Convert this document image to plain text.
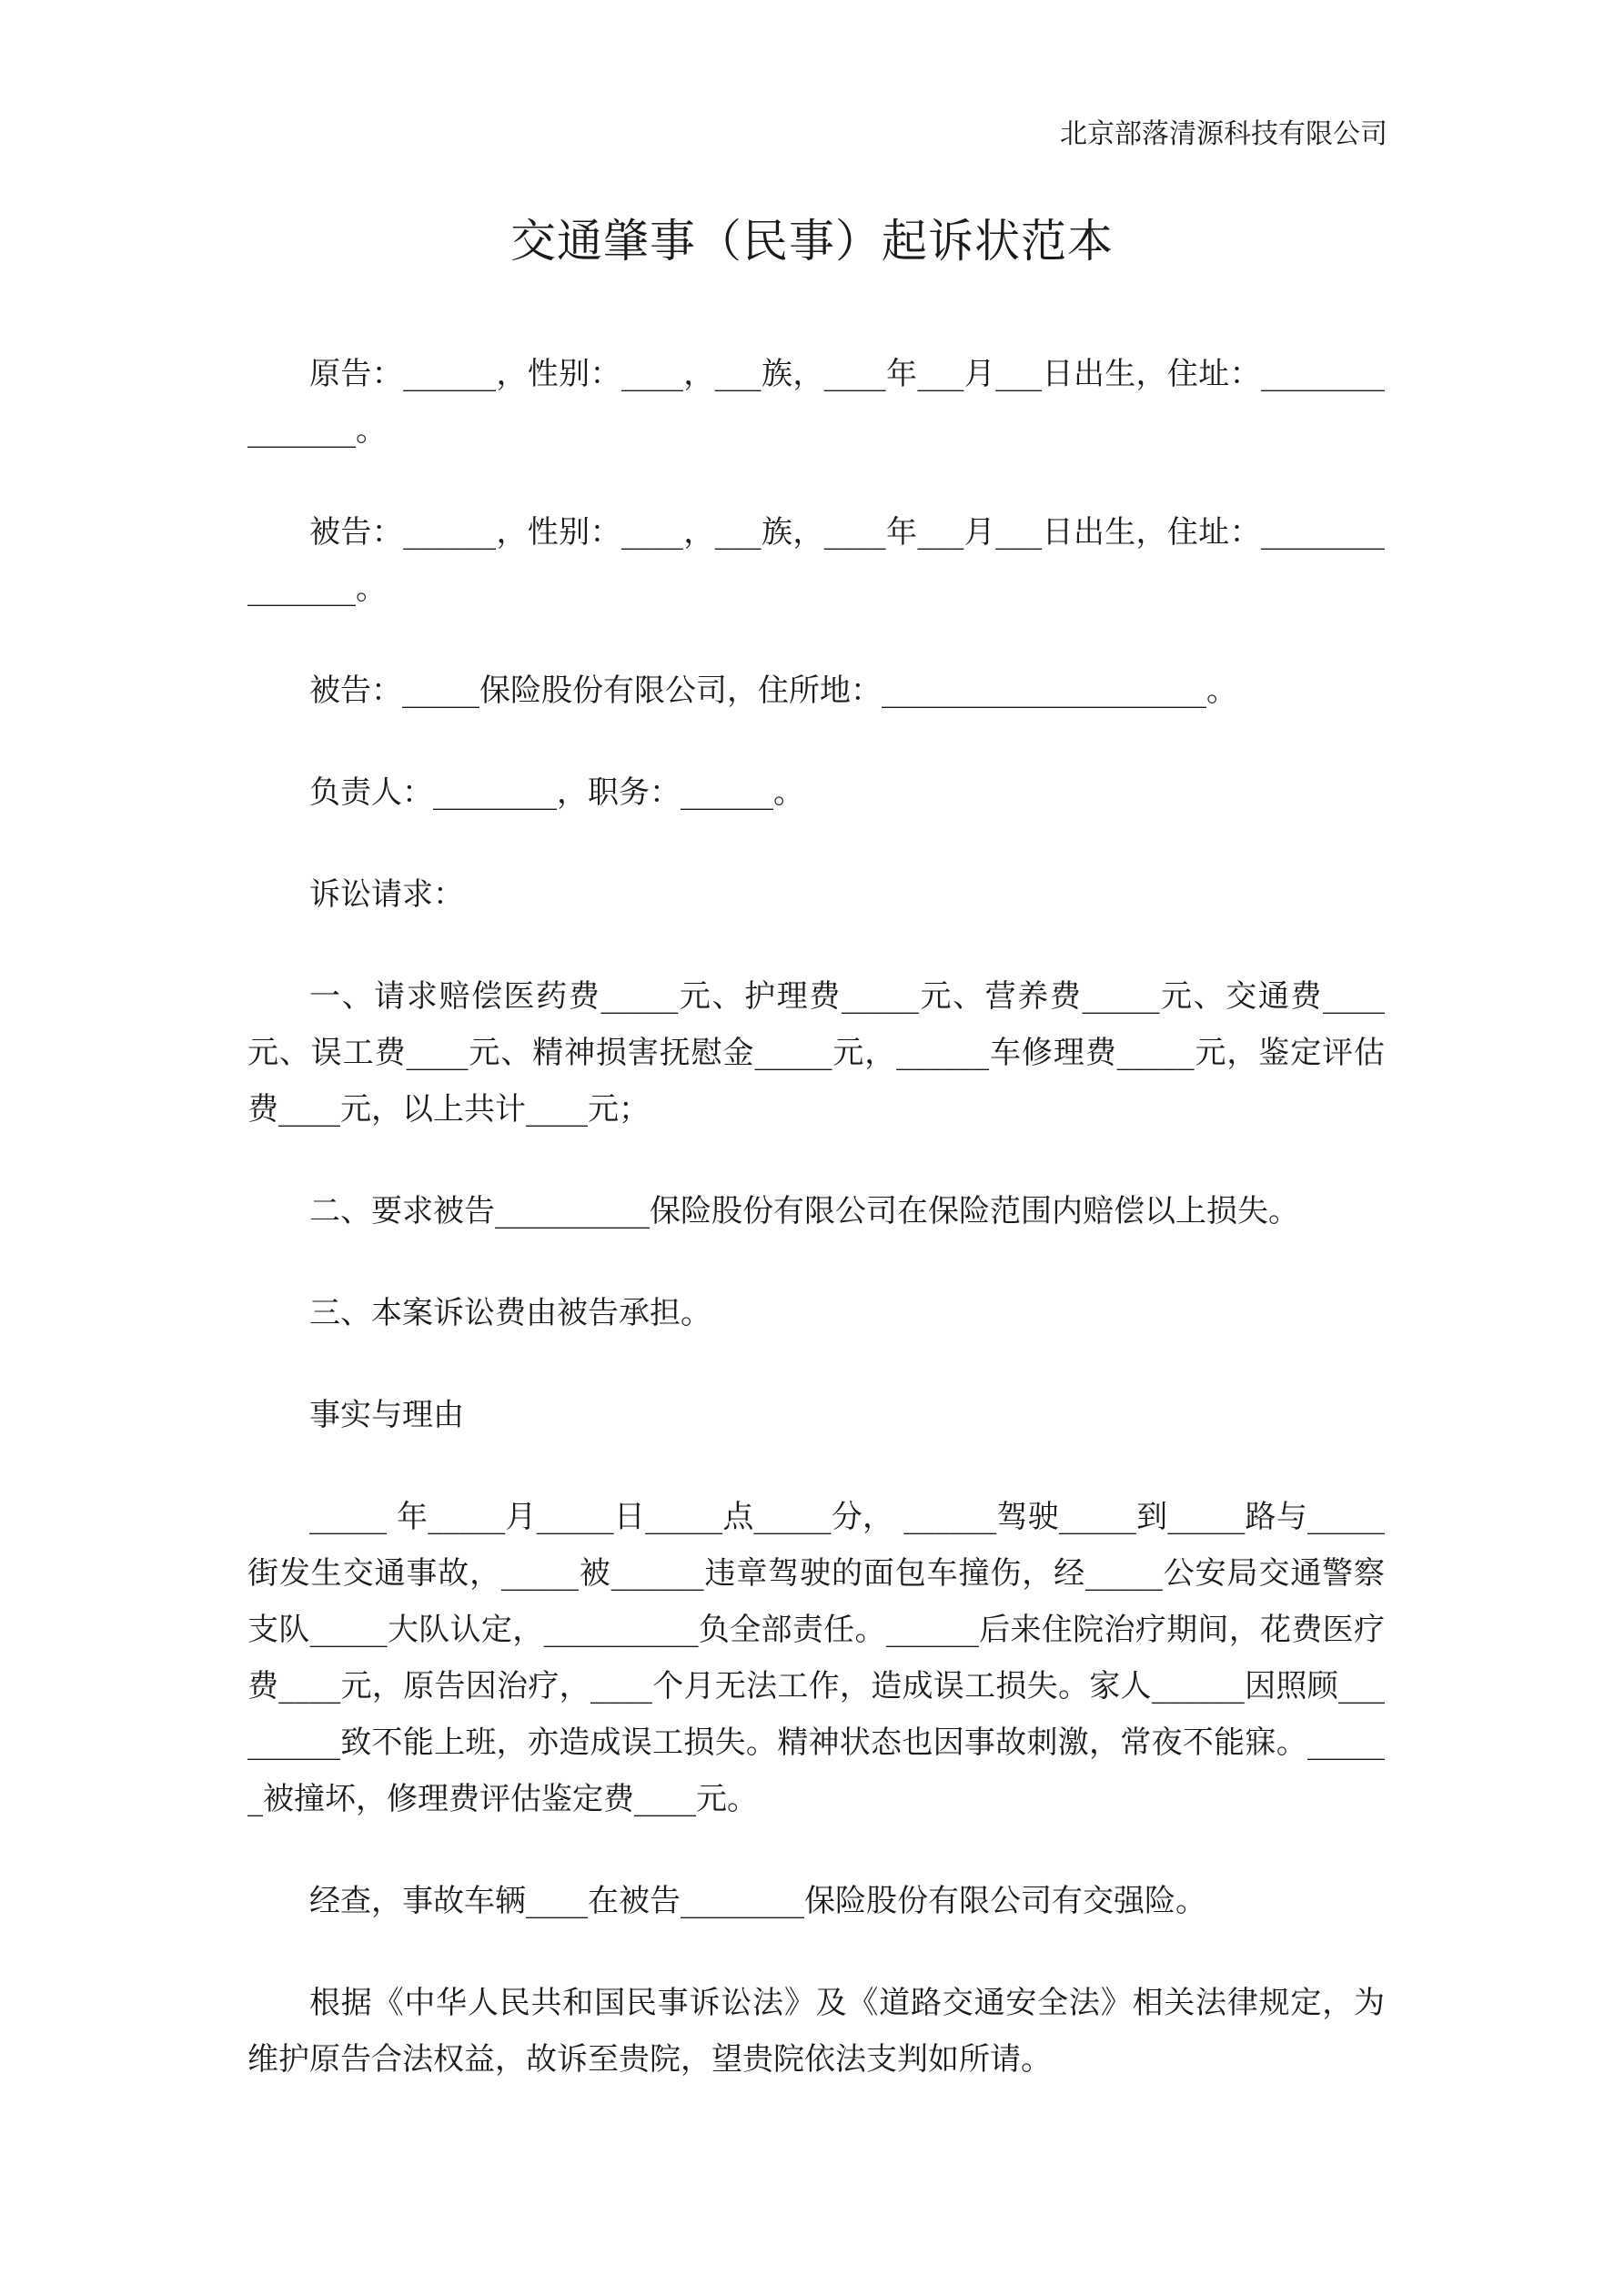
北京部落清源科技有限公司
交通肇事（民事）起诉状范本

原告：______，性别：____，___族，____年___月___日出生，住址：_______________。

被告：______，性别：____，___族，____年___月___日出生，住址：_______________。

被告：_____保险股份有限公司，住所地：_____________________。

负责人：________，职务：______。

诉讼请求：

一、请求赔偿医药费_____元、护理费_____元、营养费_____元、交通费____元、误工费____元、精神损害抚慰金_____元，______车修理费_____元，鉴定评估费____元，以上共计____元；

二、要求被告__________保险股份有限公司在保险范围内赔偿以上损失。

三、本案诉讼费由被告承担。

事实与理由

_____ 年_____月_____日_____点_____分， ______驾驶_____到_____路与_____街发生交通事故，_____被______违章驾驶的面包车撞伤，经_____公安局交通警察支队_____大队认定，__________负全部责任。______后来住院治疗期间，花费医疗费____元，原告因治疗，____个月无法工作，造成误工损失。家人______因照顾_________致不能上班，亦造成误工损失。精神状态也因事故刺激，常夜不能寐。______被撞坏，修理费评估鉴定费____元。

经查，事故车辆____在被告________保险股份有限公司有交强险。

根据《中华人民共和国民事诉讼法》及《道路交通安全法》相关法律规定，为维护原告合法权益，故诉至贵院，望贵院依法支判如所请。
